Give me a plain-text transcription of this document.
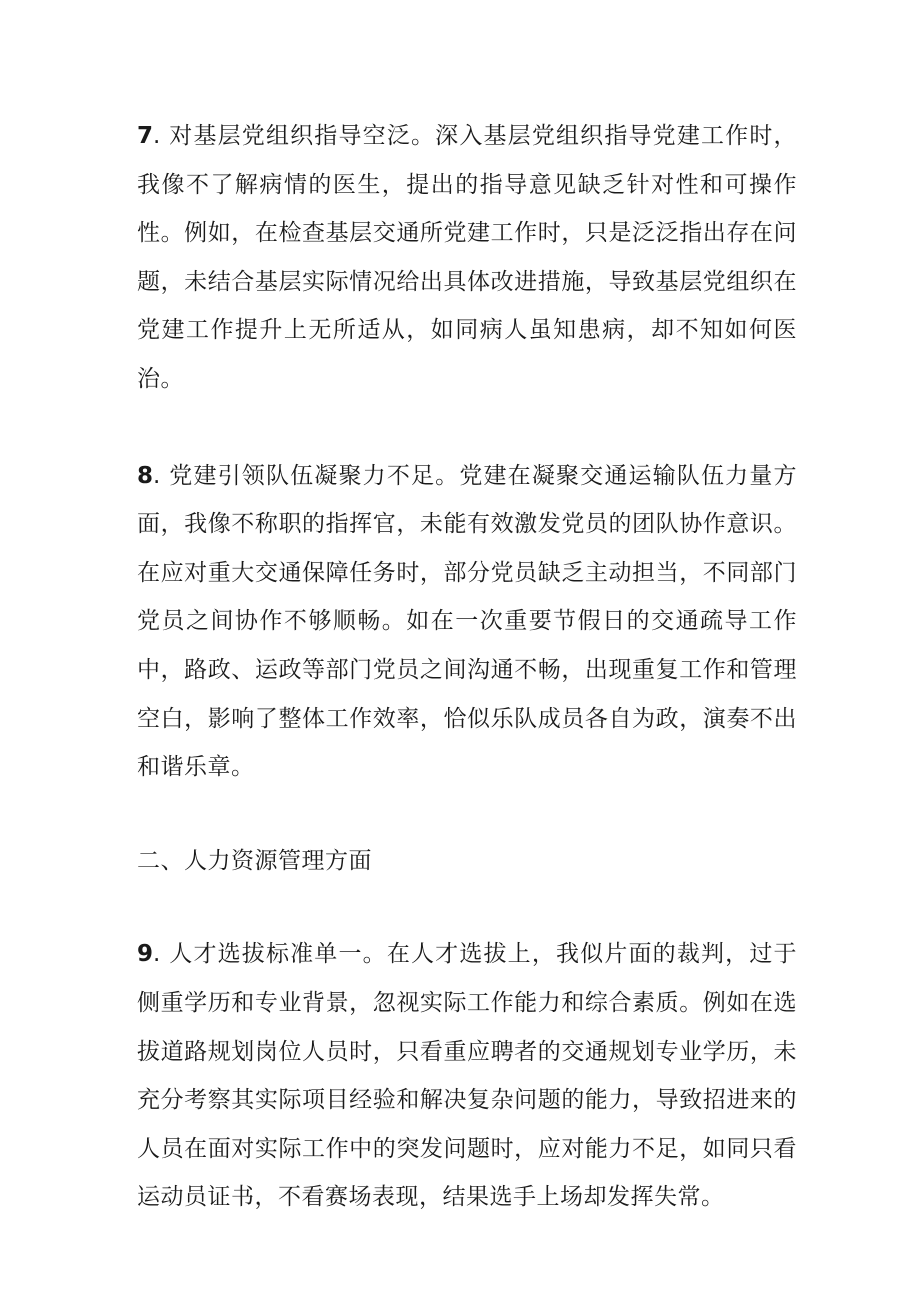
7. 对基层党组织指导空泛。深入基层党组织指导党建工作时，我像不了解病情的医生，提出的指导意见缺乏针对性和可操作性。例如，在检查基层交通所党建工作时，只是泛泛指出存在问题，未结合基层实际情况给出具体改进措施，导致基层党组织在党建工作提升上无所适从，如同病人虽知患病，却不知如何医治。

8. 党建引领队伍凝聚力不足。党建在凝聚交通运输队伍力量方面，我像不称职的指挥官，未能有效激发党员的团队协作意识。在应对重大交通保障任务时，部分党员缺乏主动担当，不同部门党员之间协作不够顺畅。如在一次重要节假日的交通疏导工作中，路政、运政等部门党员之间沟通不畅，出现重复工作和管理空白，影响了整体工作效率，恰似乐队成员各自为政，演奏不出和谐乐章。

二、人力资源管理方面

9. 人才选拔标准单一。在人才选拔上，我似片面的裁判，过于侧重学历和专业背景，忽视实际工作能力和综合素质。例如在选拔道路规划岗位人员时，只看重应聘者的交通规划专业学历，未充分考察其实际项目经验和解决复杂问题的能力，导致招进来的人员在面对实际工作中的突发问题时，应对能力不足，如同只看运动员证书，不看赛场表现，结果选手上场却发挥失常。
